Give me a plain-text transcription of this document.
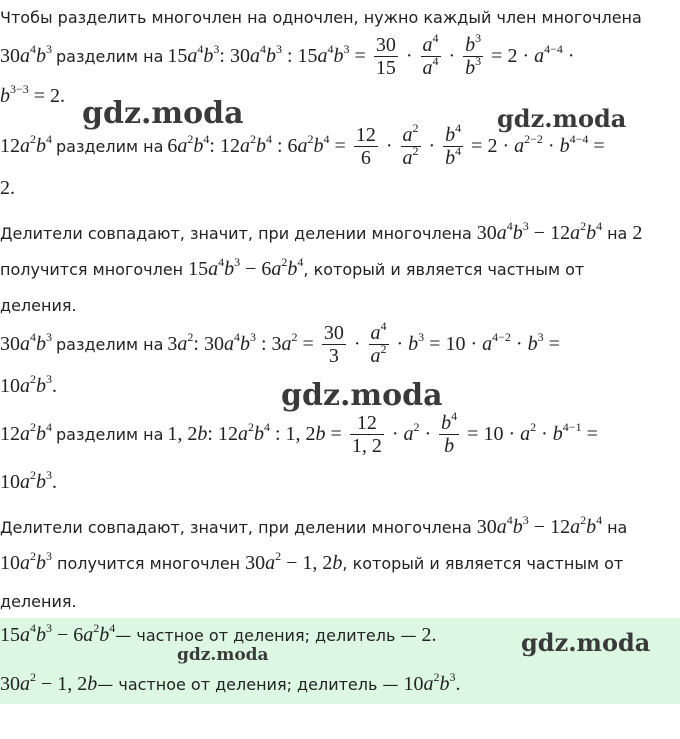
Чтобы разделить многочлен на одночлен, нужно каждый член многочлена
$30a^4b^3$ разделим на $15a^4b^3$: $30a^4b^3$ : $15a^4b^3 = \frac{30}{15} \cdot \frac{a^4}{a^4} \cdot \frac{b^3}{b^3} = 2 \cdot a^{4-4}$ ·
$b^{3-3} = 2$. gdz.moda	gdz.moda
$12a^2b^4$ разделим на $6a^2b^4$: $12a^2b^4$ : $6a^2b^4 = \frac{12}{6} \cdot \frac{a^2}{a^2} \cdot \frac{b^4}{b^4} = 2 \cdot a^{2-2} \cdot b^{4-4}$ =
2.
Делители совпадают, значит, при делении многочлена $30a^4b^3 - 12a^2b^4$ на 2
получится многочлен $15a^4b^3 - 6a^2b^4$ , который и является частным от
деления.
$30a^4b^3$ разделим на $3a^2$: $30a^4b^3$ : $3a^2 = \frac{30}{3} \cdot \frac{a^4}{a^2} \cdot b^3 = 10 \cdot a^{4-2} \cdot b^3$ =
$10a^2b^3$.	gdz.moda
$12a^2b^4$ разделим на 1, 2b: $12a^2b^4$ : 1, $2b = \frac{12}{1, 2} \cdot a^2 \cdot \frac{b^4}{b} = 10 \cdot a^2 \cdot b^{4-1}$ =
$10a^2b^3$.
Делители совпадают, значит, при делении многочлена $30a^4b^3 - 12a^2b^4$ на
$10a^2b^3$ получится многочлен $30a^2 - 1$, 2b , который и является частным от
деления.
$15a^4b^3 - 6a^2b^4$ — частное от деления; делитель — 2.	gdz.moda
gdz.moda
$30a^2 - 1$, 2b — частное от деления; делитель — $10a^2b^3$.
